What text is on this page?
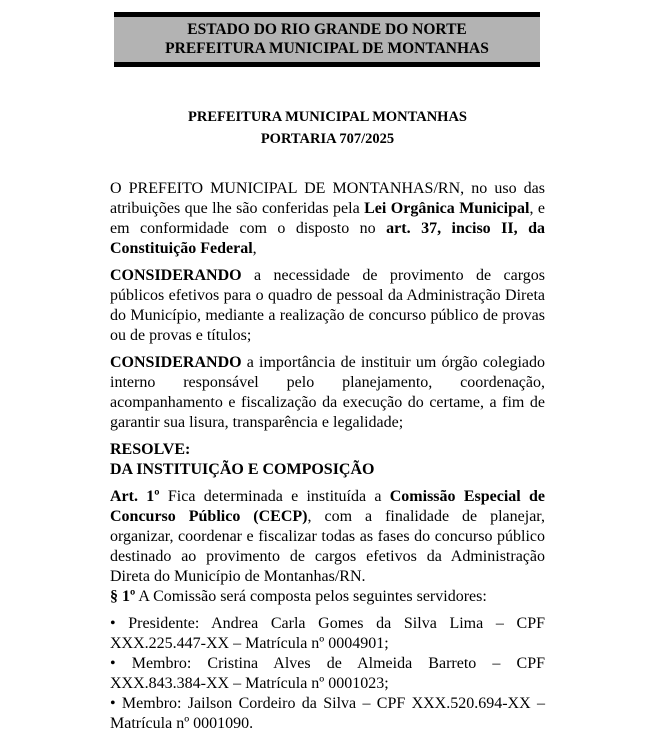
ESTADO DO RIO GRANDE DO NORTE
PREFEITURA MUNICIPAL DE MONTANHAS
PREFEITURA MUNICIPAL MONTANHAS
PORTARIA 707/2025

O PREFEITO MUNICIPAL DE MONTANHAS/RN, no uso das atribuições que lhe são conferidas pela Lei Orgânica Municipal, e em conformidade com o disposto no art. 37, inciso II, da Constituição Federal,

CONSIDERANDO a necessidade de provimento de cargos públicos efetivos para o quadro de pessoal da Administração Direta do Município, mediante a realização de concurso público de provas ou de provas e títulos;

CONSIDERANDO a importância de instituir um órgão colegiado interno responsável pelo planejamento, coordenação, acompanhamento e fiscalização da execução do certame, a fim de garantir sua lisura, transparência e legalidade;

RESOLVE:

DA INSTITUIÇÃO E COMPOSIÇÃO

Art. 1º Fica determinada e instituída a Comissão Especial de Concurso Público (CECP), com a finalidade de planejar, organizar, coordenar e fiscalizar todas as fases do concurso público destinado ao provimento de cargos efetivos da Administração Direta do Município de Montanhas/RN.

§ 1º A Comissão será composta pelos seguintes servidores:

• Presidente: Andrea Carla Gomes da Silva Lima – CPF XXX.225.447-XX – Matrícula nº 0004901;

• Membro: Cristina Alves de Almeida Barreto – CPF XXX.843.384-XX – Matrícula nº 0001023;

• Membro: Jailson Cordeiro da Silva – CPF XXX.520.694-XX – Matrícula nº 0001090.
